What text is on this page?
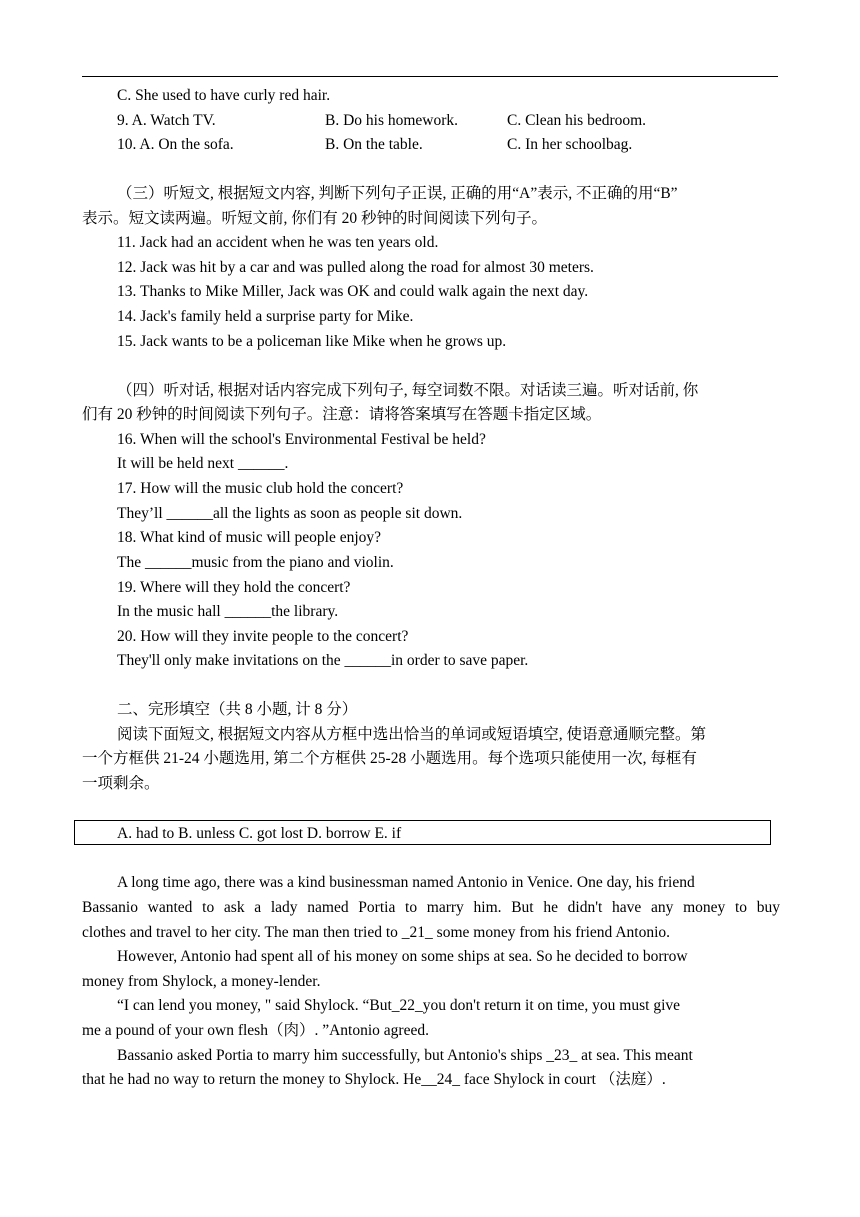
C. She used to have curly red hair.
9. A. Watch TV.	B. Do his homework.	C. Clean his bedroom.
10. A. On the sofa.	B. On the table.	C. In her schoolbag.
（三）听短文, 根据短文内容, 判断下列句子正误, 正确的用“A”表示, 不正确的用“B”
表示。短文读两遍。听短文前, 你们有 20 秒钟的时间阅读下列句子。
11. Jack had an accident when he was ten years old.
12. Jack was hit by a car and was pulled along the road for almost 30 meters.
13. Thanks to Mike Miller, Jack was OK and could walk again the next day.
14. Jack's family held a surprise party for Mike.
15. Jack wants to be a policeman like Mike when he grows up.
（四）听对话, 根据对话内容完成下列句子, 每空词数不限。对话读三遍。听对话前, 你
们有 20 秒钟的时间阅读下列句子。注意：请将答案填写在答题卡指定区域。
16. When will the school's Environmental Festival be held?
It will be held next ______.
17. How will the music club hold the concert?
They’ll ______all the lights as soon as people sit down.
18. What kind of music will people enjoy?
The ______music from the piano and violin.
19. Where will they hold the concert?
In the music hall ______the library.
20. How will they invite people to the concert?
They'll only make invitations on the ______in order to save paper.
二、完形填空（共 8 小题, 计 8 分）
阅读下面短文, 根据短文内容从方框中选出恰当的单词或短语填空, 使语意通顺完整。第
一个方框供 21-24 小题选用, 第二个方框供 25-28 小题选用。每个选项只能使用一次, 每框有
一项剩余。
A. had to B. unless C. got lost D. borrow E. if
A long time ago, there was a kind businessman named Antonio in Venice. One day, his friend
Bassanio wanted to ask a lady named Portia to marry him. But he didn't have any money to buy
clothes and travel to her city. The man then tried to _21_ some money from his friend Antonio.
However, Antonio had spent all of his money on some ships at sea. So he decided to borrow
money from Shylock, a money-lender.
“I can lend you money, " said Shylock. “But_22_you don't return it on time, you must give
me a pound of your own flesh（肉）. ”Antonio agreed.
Bassanio asked Portia to marry him successfully, but Antonio's ships _23_ at sea. This meant
that he had no way to return the money to Shylock. He__24_ face Shylock in court （法庭）.
